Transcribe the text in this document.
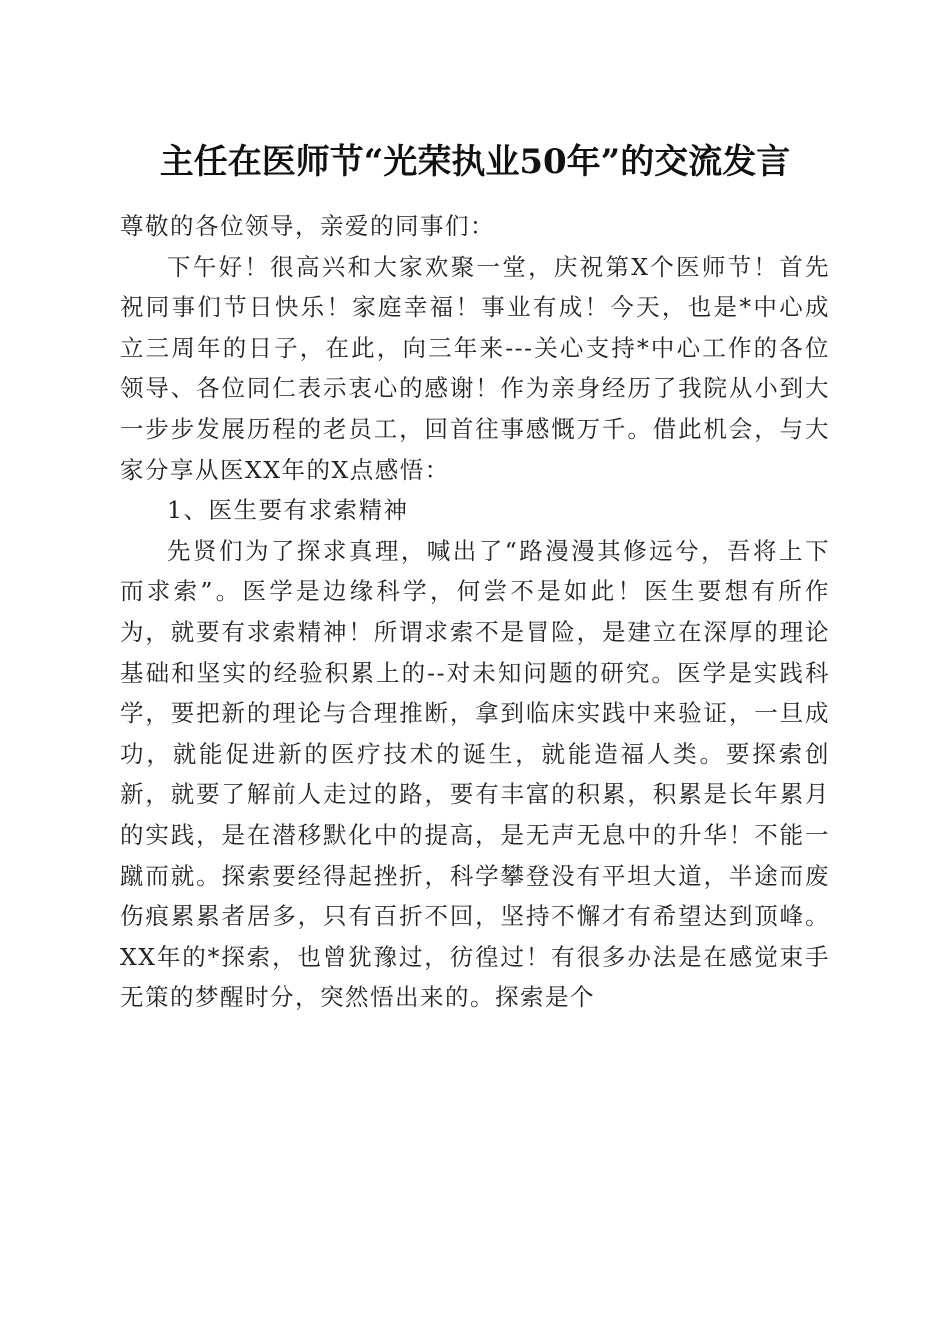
主任在医师节“光荣执业50年”的交流发言

尊敬的各位领导，亲爱的同事们：

下午好！很高兴和大家欢聚一堂，庆祝第X个医师节！首先祝同事们节日快乐！家庭幸福！事业有成！今天，也是*中心成立三周年的日子，在此，向三年来---关心支持*中心工作的各位领导、各位同仁表示衷心的感谢！作为亲身经历了我院从小到大一步步发展历程的老员工，回首往事感慨万千。借此机会，与大家分享从医XX年的X点感悟：

1、医生要有求索精神

先贤们为了探求真理，喊出了“路漫漫其修远兮，吾将上下而求索”。医学是边缘科学，何尝不是如此！医生要想有所作为，就要有求索精神！所谓求索不是冒险，是建立在深厚的理论基础和坚实的经验积累上的--对未知问题的研究。医学是实践科学，要把新的理论与合理推断，拿到临床实践中来验证，一旦成功，就能促进新的医疗技术的诞生，就能造福人类。要探索创新，就要了解前人走过的路，要有丰富的积累，积累是长年累月的实践，是在潜移默化中的提高，是无声无息中的升华！不能一蹴而就。探索要经得起挫折，科学攀登没有平坦大道，半途而废伤痕累累者居多，只有百折不回，坚持不懈才有希望达到顶峰。XX年的*探索，也曾犹豫过，彷徨过！有很多办法是在感觉束手无策的梦醒时分，突然悟出来的。探索是个
